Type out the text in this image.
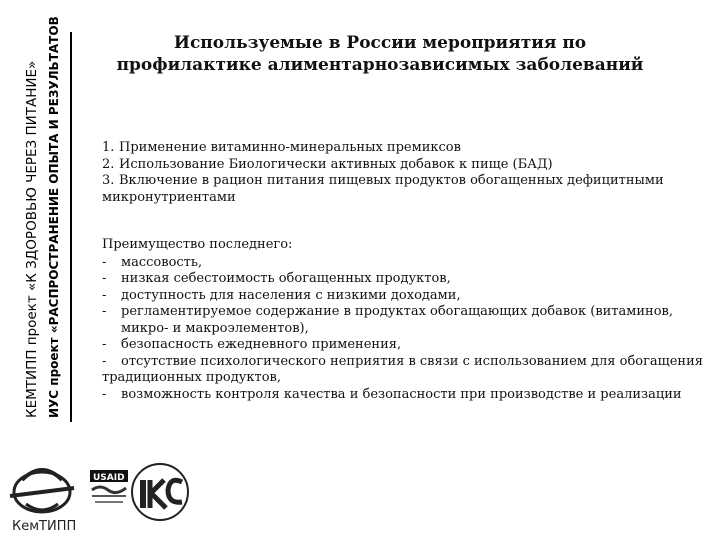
КЕМТИПП проект «К ЗДОРОВЬЮ ЧЕРЕЗ ПИТАНИЕ» ИУС проект «РАСПРОСТРАНЕНИЕ ОПЫТА И РЕЗУЛЬТАТОВ	Используемые в России мероприятия по профилактике алиментарнозависимых заболеваний
1. Применение витаминно-минеральных премиксов
2. Использование Биологически активных добавок к пище (БАД)
3. Включение в рацион питания пищевых продуктов обогащенных дефицитными микронутриентами

Преимущество последнего:

- массовость,

- низкая себестоимость обогащенных продуктов,

- доступность для населения с низкими доходами,

- регламентируемое содержание в продуктах обогащающих добавок (витаминов, микро- и макроэлементов),

- безопасность ежедневного применения,

- отсутствие психологического неприятия в связи с использованием для обогащения традиционных продуктов,

- возможность контроля качества и безопасности при производстве и реализации

КемТИПП
USAID
IUC
